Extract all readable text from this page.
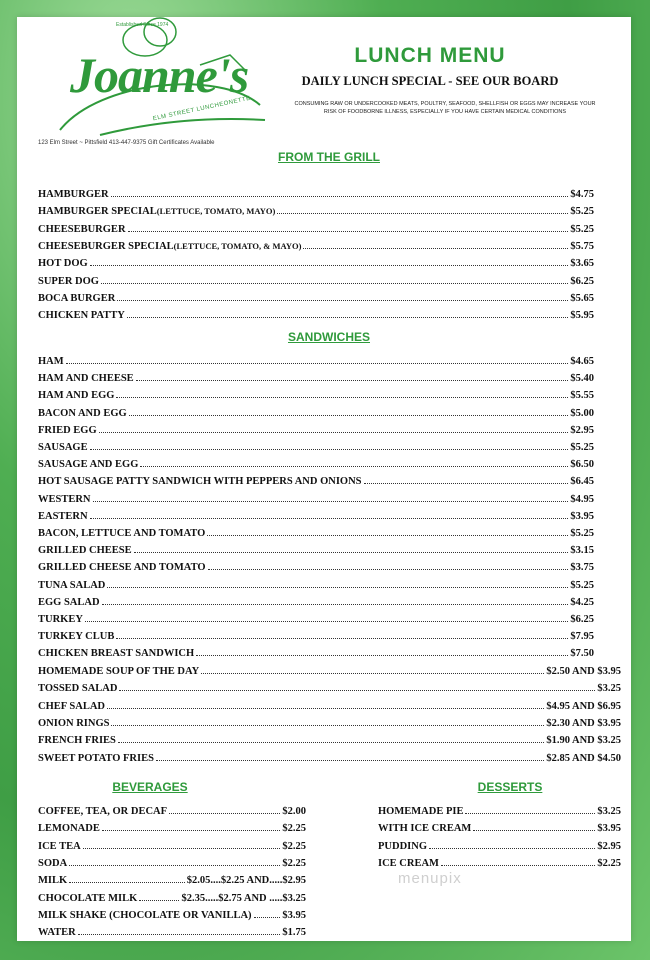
Established Since 1974
Joanne's
ELM STREET LUNCHEONETTE
123 Elm Street ~ Pittsfield 413-447-9375 Gift Certificates Available
LUNCH MENU
DAILY LUNCH SPECIAL - SEE OUR BOARD
CONSUMING RAW OR UNDERCOOKED MEATS, POULTRY, SEAFOOD, SHELLFISH OR EGGS MAY INCREASE YOUR RISK OF FOODBORNE ILLNESS, ESPECIALLY IF YOU HAVE CERTAIN MEDICAL CONDITIONS
FROM THE GRILL
SANDWICHES
BEVERAGES	DESSERTS
HAMBURGER	$4.75
HAMBURGER SPECIAL (LETTUCE, TOMATO, MAYO)	$5.25
CHEESEBURGER	$5.25
CHEESEBURGER SPECIAL (LETTUCE, TOMATO, & MAYO)	$5.75
HOT DOG	$3.65
SUPER DOG	$6.25
BOCA BURGER	$5.65
CHICKEN PATTY	$5.95
HAM	$4.65
HAM AND CHEESE	$5.40
HAM AND EGG	$5.55
BACON AND EGG	$5.00
FRIED EGG	$2.95
SAUSAGE	$5.25
SAUSAGE AND EGG	$6.50
HOT SAUSAGE PATTY SANDWICH WITH PEPPERS AND ONIONS	$6.45
WESTERN	$4.95
EASTERN	$3.95
BACON, LETTUCE AND TOMATO	$5.25
GRILLED CHEESE	$3.15
GRILLED CHEESE AND TOMATO	$3.75
TUNA SALAD	$5.25
EGG SALAD	$4.25
TURKEY	$6.25
TURKEY CLUB	$7.95
CHICKEN BREAST SANDWICH	$7.50
HOMEMADE SOUP OF THE DAY	$2.50 AND $3.95
TOSSED SALAD	$3.25
CHEF SALAD	$4.95 AND $6.95
ONION RINGS	$2.30 AND $3.95
FRENCH FRIES	$1.90 AND $3.25
SWEET POTATO FRIES	$2.85 AND $4.50
COFFEE, TEA, OR DECAF	$2.00
LEMONADE	$2.25
ICE TEA	$2.25
SODA	$2.25
MILK	$2.05....$2.25 AND.....$2.95
CHOCOLATE MILK	$2.35.....$2.75 AND .....$3.25
MILK SHAKE (CHOCOLATE OR VANILLA)	$3.95
WATER	$1.75
HOMEMADE PIE	$3.25
WITH ICE CREAM	$3.95
PUDDING	$2.95
ICE CREAM	$2.25
menupix
